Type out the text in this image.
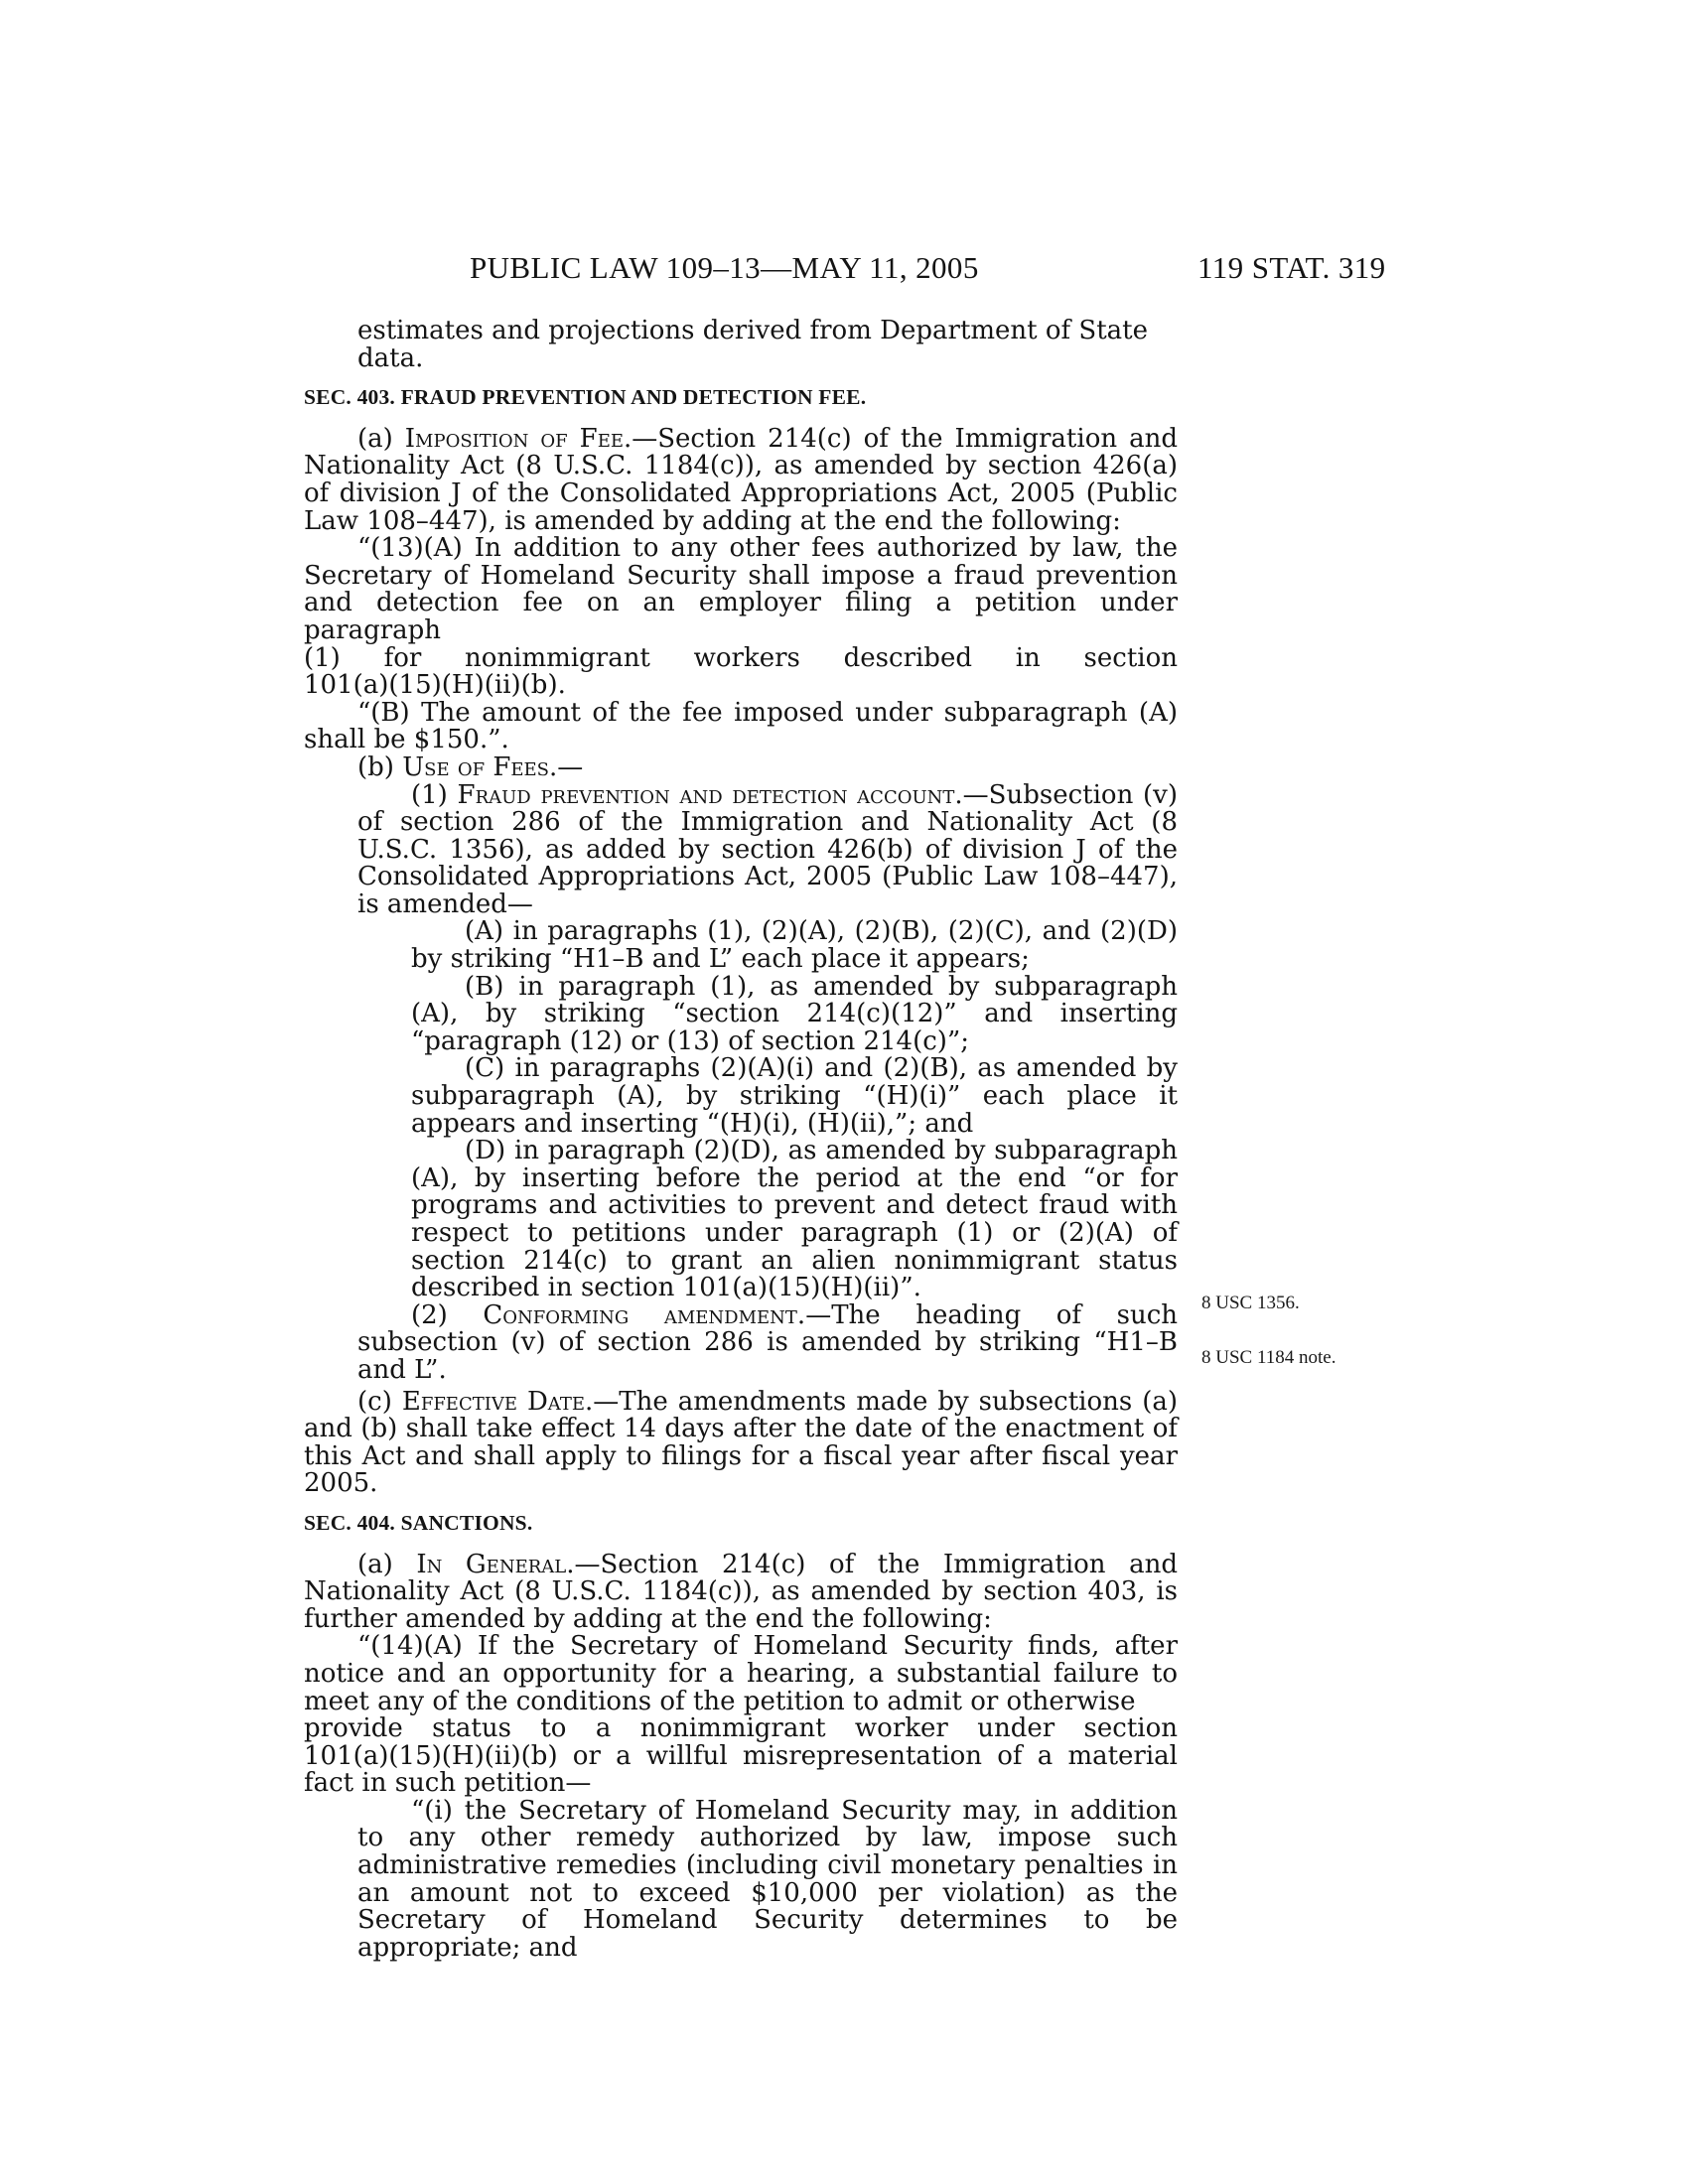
PUBLIC LAW 109–13—MAY 11, 2005	119 STAT. 319

estimates and projections derived from Department of State
data.

SEC. 403. FRAUD PREVENTION AND DETECTION FEE.

(a) Imposition of Fee.—Section 214(c) of the Immigration and Nationality Act (8 U.S.C. 1184(c)), as amended by section 426(a) of division J of the Consolidated Appropriations Act, 2005 (Public Law 108–447), is amended by adding at the end the following:

“(13)(A) In addition to any other fees authorized by law, the Secretary of Homeland Security shall impose a fraud prevention and detection fee on an employer filing a petition under paragraph

(1) for nonimmigrant workers described in section

101(a)(15)(H)(ii)(b).

“(B) The amount of the fee imposed under subparagraph (A) shall be $150.”.

(b) Use of Fees.—

(1) Fraud prevention and detection account.—Subsection (v) of section 286 of the Immigration and Nationality Act (8 U.S.C. 1356), as added by section 426(b) of division J of the Consolidated Appropriations Act, 2005 (Public Law 108–447), is amended—

(A) in paragraphs (1), (2)(A), (2)(B), (2)(C), and (2)(D) by striking “H1–B and L” each place it appears;

(B) in paragraph (1), as amended by subparagraph (A), by striking “section 214(c)(12)” and inserting “paragraph (12) or (13) of section 214(c)”;

(C) in paragraphs (2)(A)(i) and (2)(B), as amended by subparagraph (A), by striking “(H)(i)” each place it appears and inserting “(H)(i), (H)(ii),”; and

(D) in paragraph (2)(D), as amended by subparagraph (A), by inserting before the period at the end “or for programs and activities to prevent and detect fraud with respect to petitions under paragraph (1) or (2)(A) of section 214(c) to grant an alien nonimmigrant status described in section 101(a)(15)(H)(ii)”.

(2) Conforming amendment.—The heading of such subsection (v) of section 286 is amended by striking “H1–B and L”.

(c) Effective Date.—The amendments made by subsections (a) and (b) shall take effect 14 days after the date of the enactment of this Act and shall apply to filings for a fiscal year after fiscal year 2005.

SEC. 404. SANCTIONS.

(a) In General.—Section 214(c) of the Immigration and Nationality Act (8 U.S.C. 1184(c)), as amended by section 403, is further amended by adding at the end the following:

“(14)(A) If the Secretary of Homeland Security finds, after notice and an opportunity for a hearing, a substantial failure to meet any of the conditions of the petition to admit or otherwise

provide status to a nonimmigrant worker under section

101(a)(15)(H)(ii)(b) or a willful misrepresentation of a material fact in such petition—

“(i) the Secretary of Homeland Security may, in addition to any other remedy authorized by law, impose such administrative remedies (including civil monetary penalties in an amount not to exceed $10,000 per violation) as the Secretary of Homeland Security determines to be appropriate; and

8 USC 1356.
8 USC 1184 note.
